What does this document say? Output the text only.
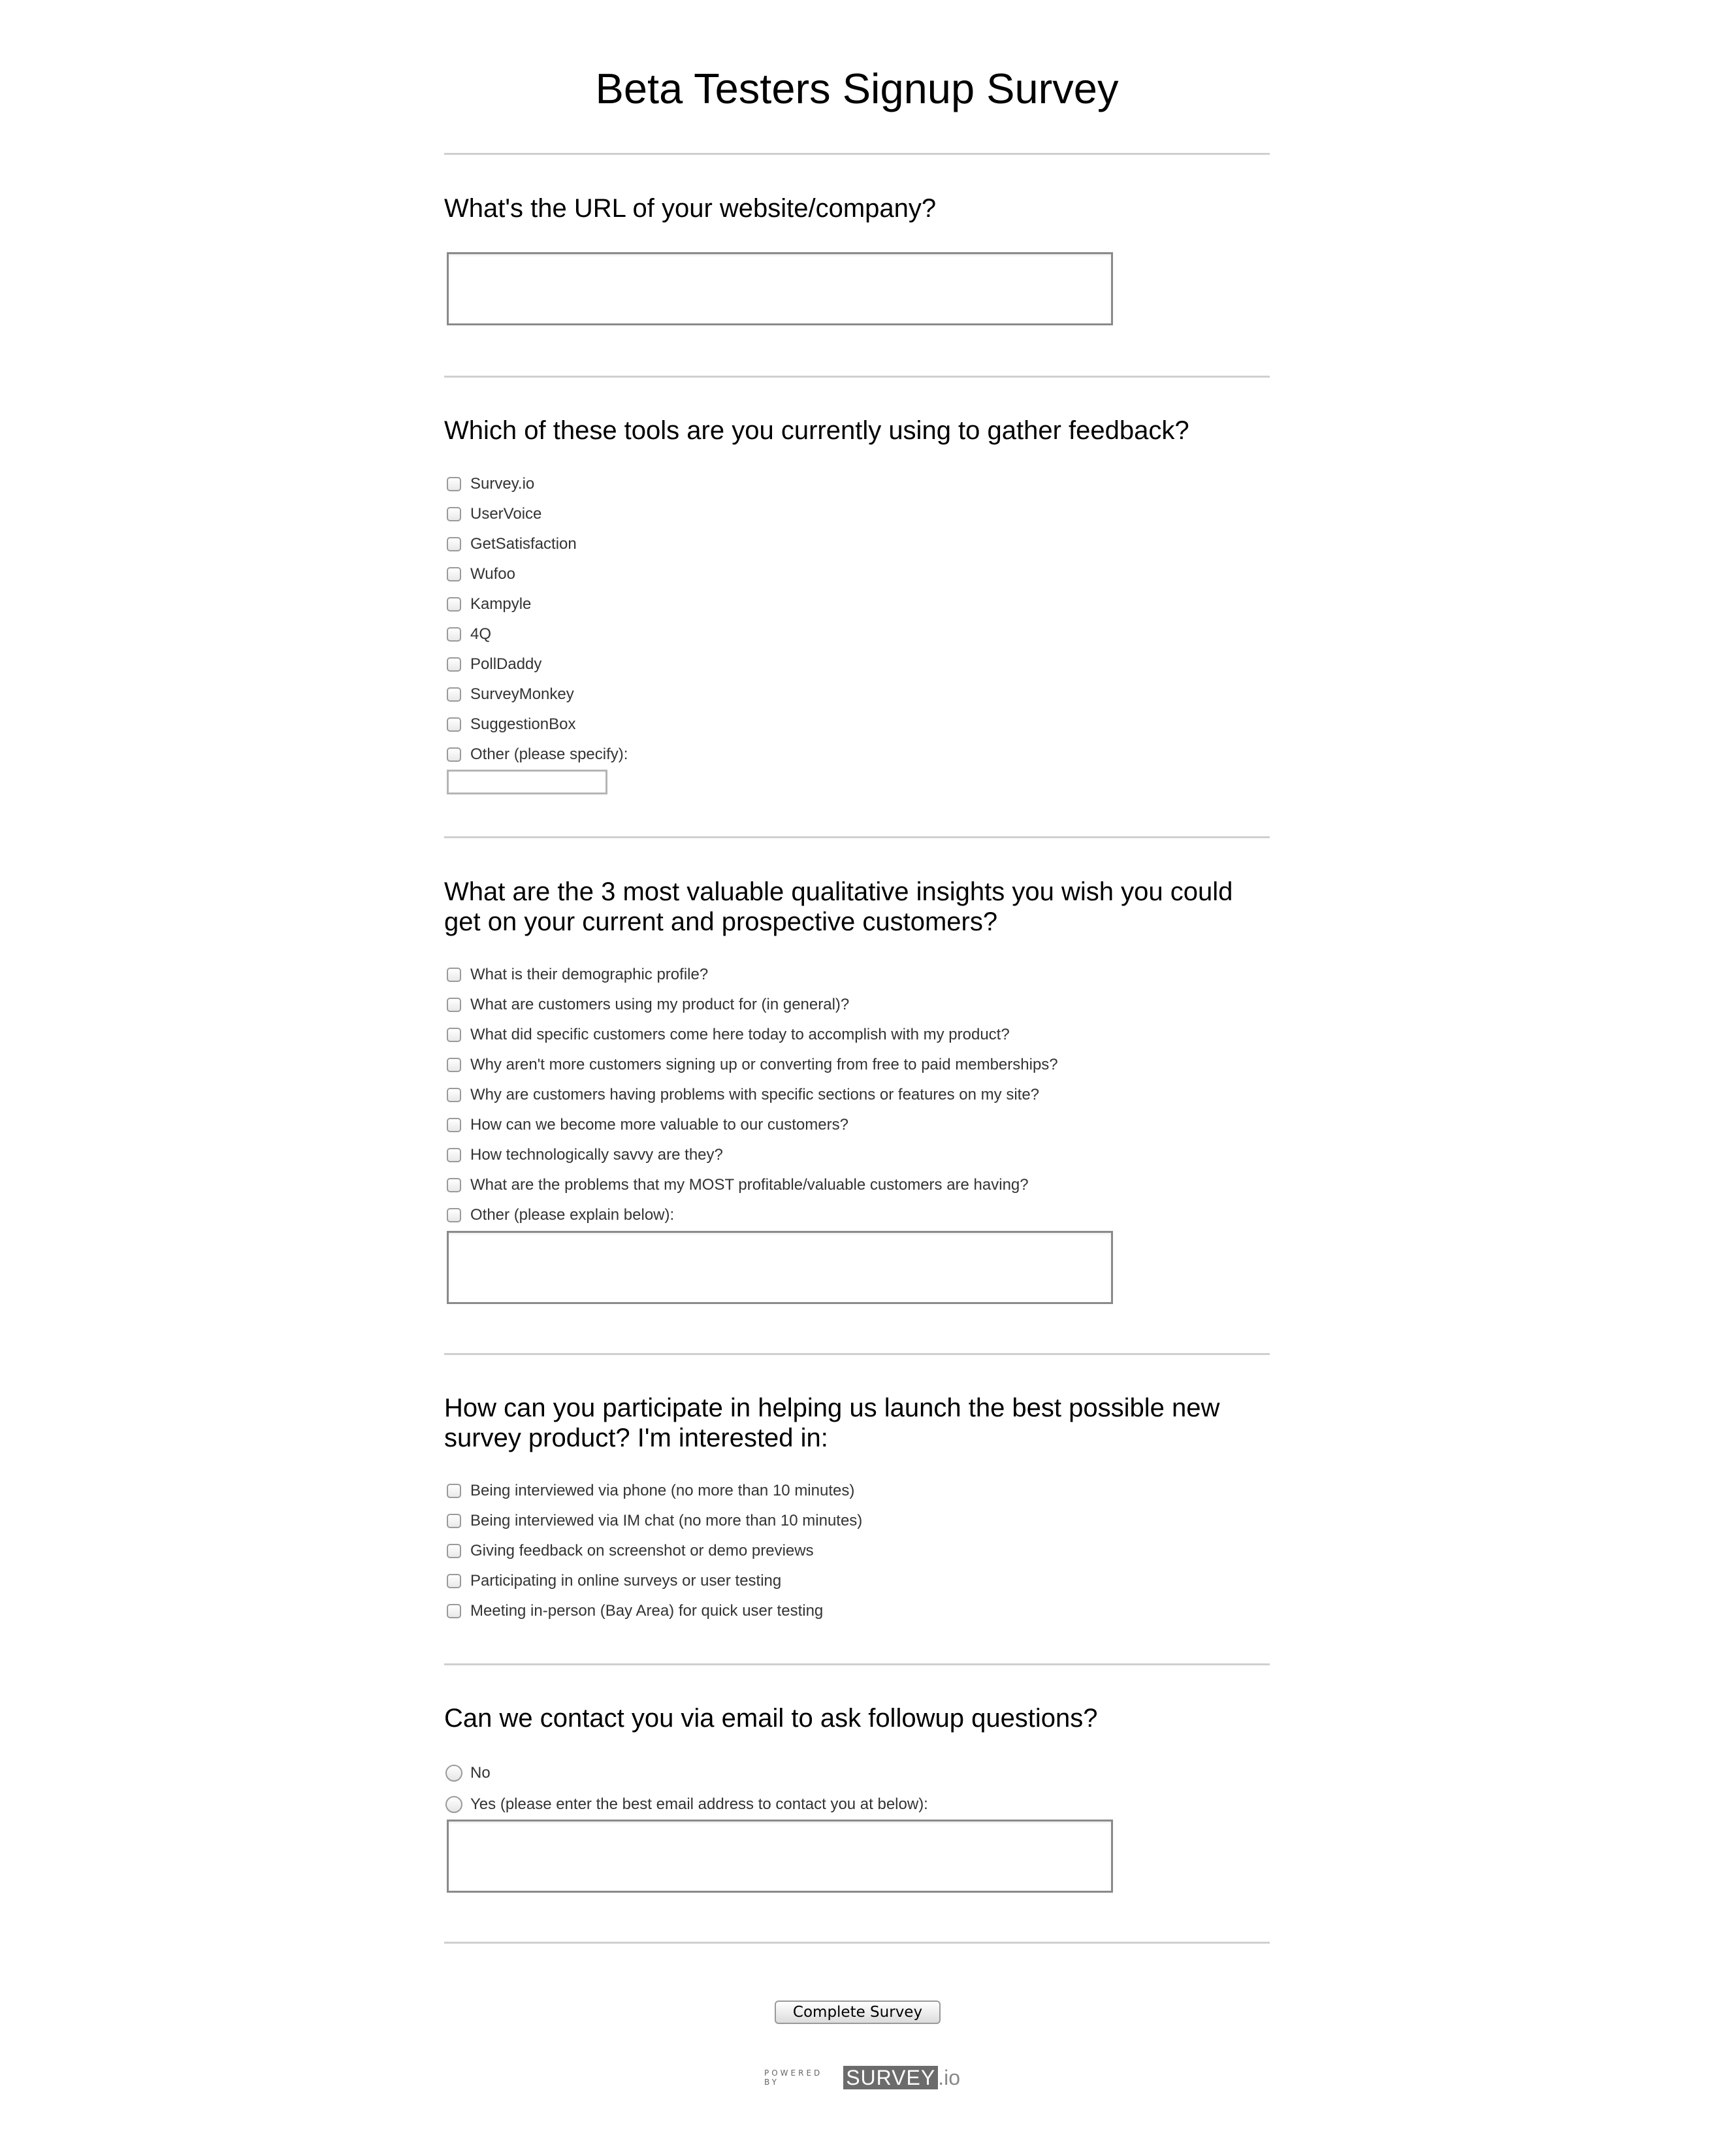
Beta Testers Signup Survey
What's the URL of your website/company?
Which of these tools are you currently using to gather feedback?
Survey.io
UserVoice
GetSatisfaction
Wufoo
Kampyle
4Q
PollDaddy
SurveyMonkey
SuggestionBox
Other (please specify):
What are the 3 most valuable qualitative insights you wish you could get on your current and prospective customers?
What is their demographic profile?
What are customers using my product for (in general)?
What did specific customers come here today to accomplish with my product?
Why aren't more customers signing up or converting from free to paid memberships?
Why are customers having problems with specific sections or features on my site?
How can we become more valuable to our customers?
How technologically savvy are they?
What are the problems that my MOST profitable/valuable customers are having?
Other (please explain below):
How can you participate in helping us launch the best possible new survey product? I'm interested in:
Being interviewed via phone (no more than 10 minutes)
Being interviewed via IM chat (no more than 10 minutes)
Giving feedback on screenshot or demo previews
Participating in online surveys or user testing
Meeting in-person (Bay Area) for quick user testing
Can we contact you via email to ask followup questions?
No
Yes (please enter the best email address to contact you at below):
Complete Survey
POWERED BY	SURVEY .io
